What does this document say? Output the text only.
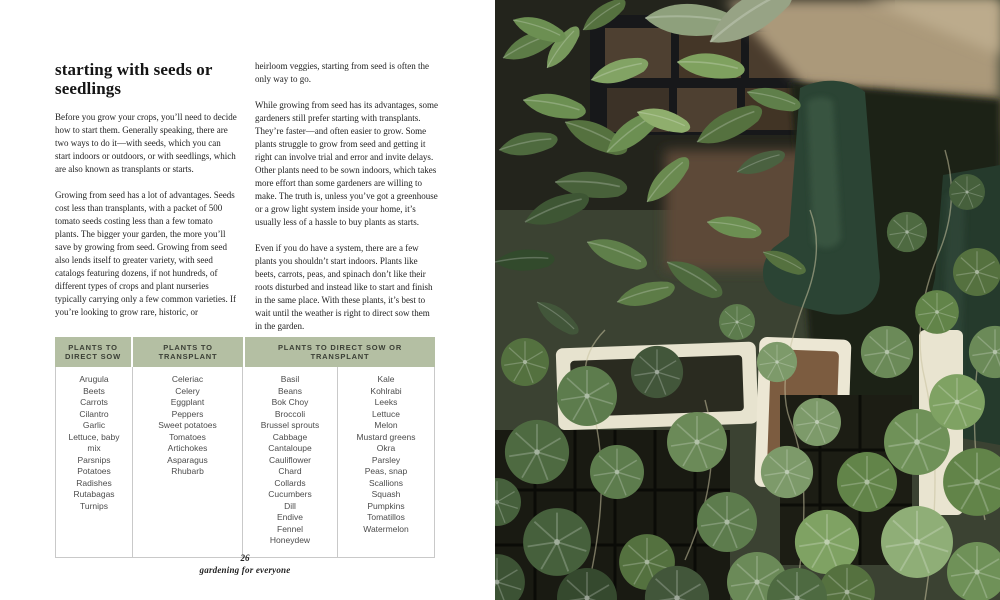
starting with seeds or seedlings

Before you grow your crops, you’ll need to decide how to start them. Generally speaking, there are two ways to do it—with seeds, which you can start indoors or outdoors, or with seedlings, which are also known as transplants or starts.

Growing from seed has a lot of advantages. Seeds cost less than transplants, with a packet of 500 tomato seeds costing less than a few tomato plants. The bigger your garden, the more you’ll save by growing from seed. Growing from seed also lends itself to greater variety, with seed catalogs featuring dozens, if not hundreds, of different types of crops and plant nurseries typically carrying only a few common varieties. If you’re looking to grow rare, historic, or

heirloom veggies, starting from seed is often the only way to go.

While growing from seed has its advantages, some gardeners still prefer starting with transplants. They’re faster—and often easier to grow. Some plants struggle to grow from seed and getting it right can involve trial and error and invite delays. Other plants need to be sown indoors, which takes more effort than some gardeners are willing to make. The truth is, unless you’ve got a greenhouse or a grow light system inside your home, it’s usually less of a hassle to buy plants as starts.

Even if you do have a system, there are a few plants you shouldn’t start indoors. Plants like beets, carrots, peas, and spinach don’t like their roots disturbed and instead like to start and finish in the same place. With these plants, it’s best to wait until the weather is right to direct sow them in the garden.

PLANTS TO DIRECT SOW
PLANTS TO TRANSPLANT
PLANTS TO DIRECT SOW OR TRANSPLANT
Arugula
Beets
Carrots
Cilantro
Garlic
Lettuce, baby mix
Parsnips
Potatoes
Radishes
Rutabagas
Turnips
Celeriac
Celery
Eggplant
Peppers
Sweet potatoes
Tomatoes
Artichokes
Asparagus
Rhubarb
Basil
Beans
Bok Choy
Broccoli
Brussel sprouts
Cabbage
Cantaloupe
Cauliflower
Chard
Collards
Cucumbers
Dill
Endive
Fennel
Honeydew
Kale
Kohlrabi
Leeks
Lettuce
Melon
Mustard greens
Okra
Parsley
Peas, snap
Scallions
Squash
Pumpkins
Tomatillos
Watermelon
26
gardening for everyone
